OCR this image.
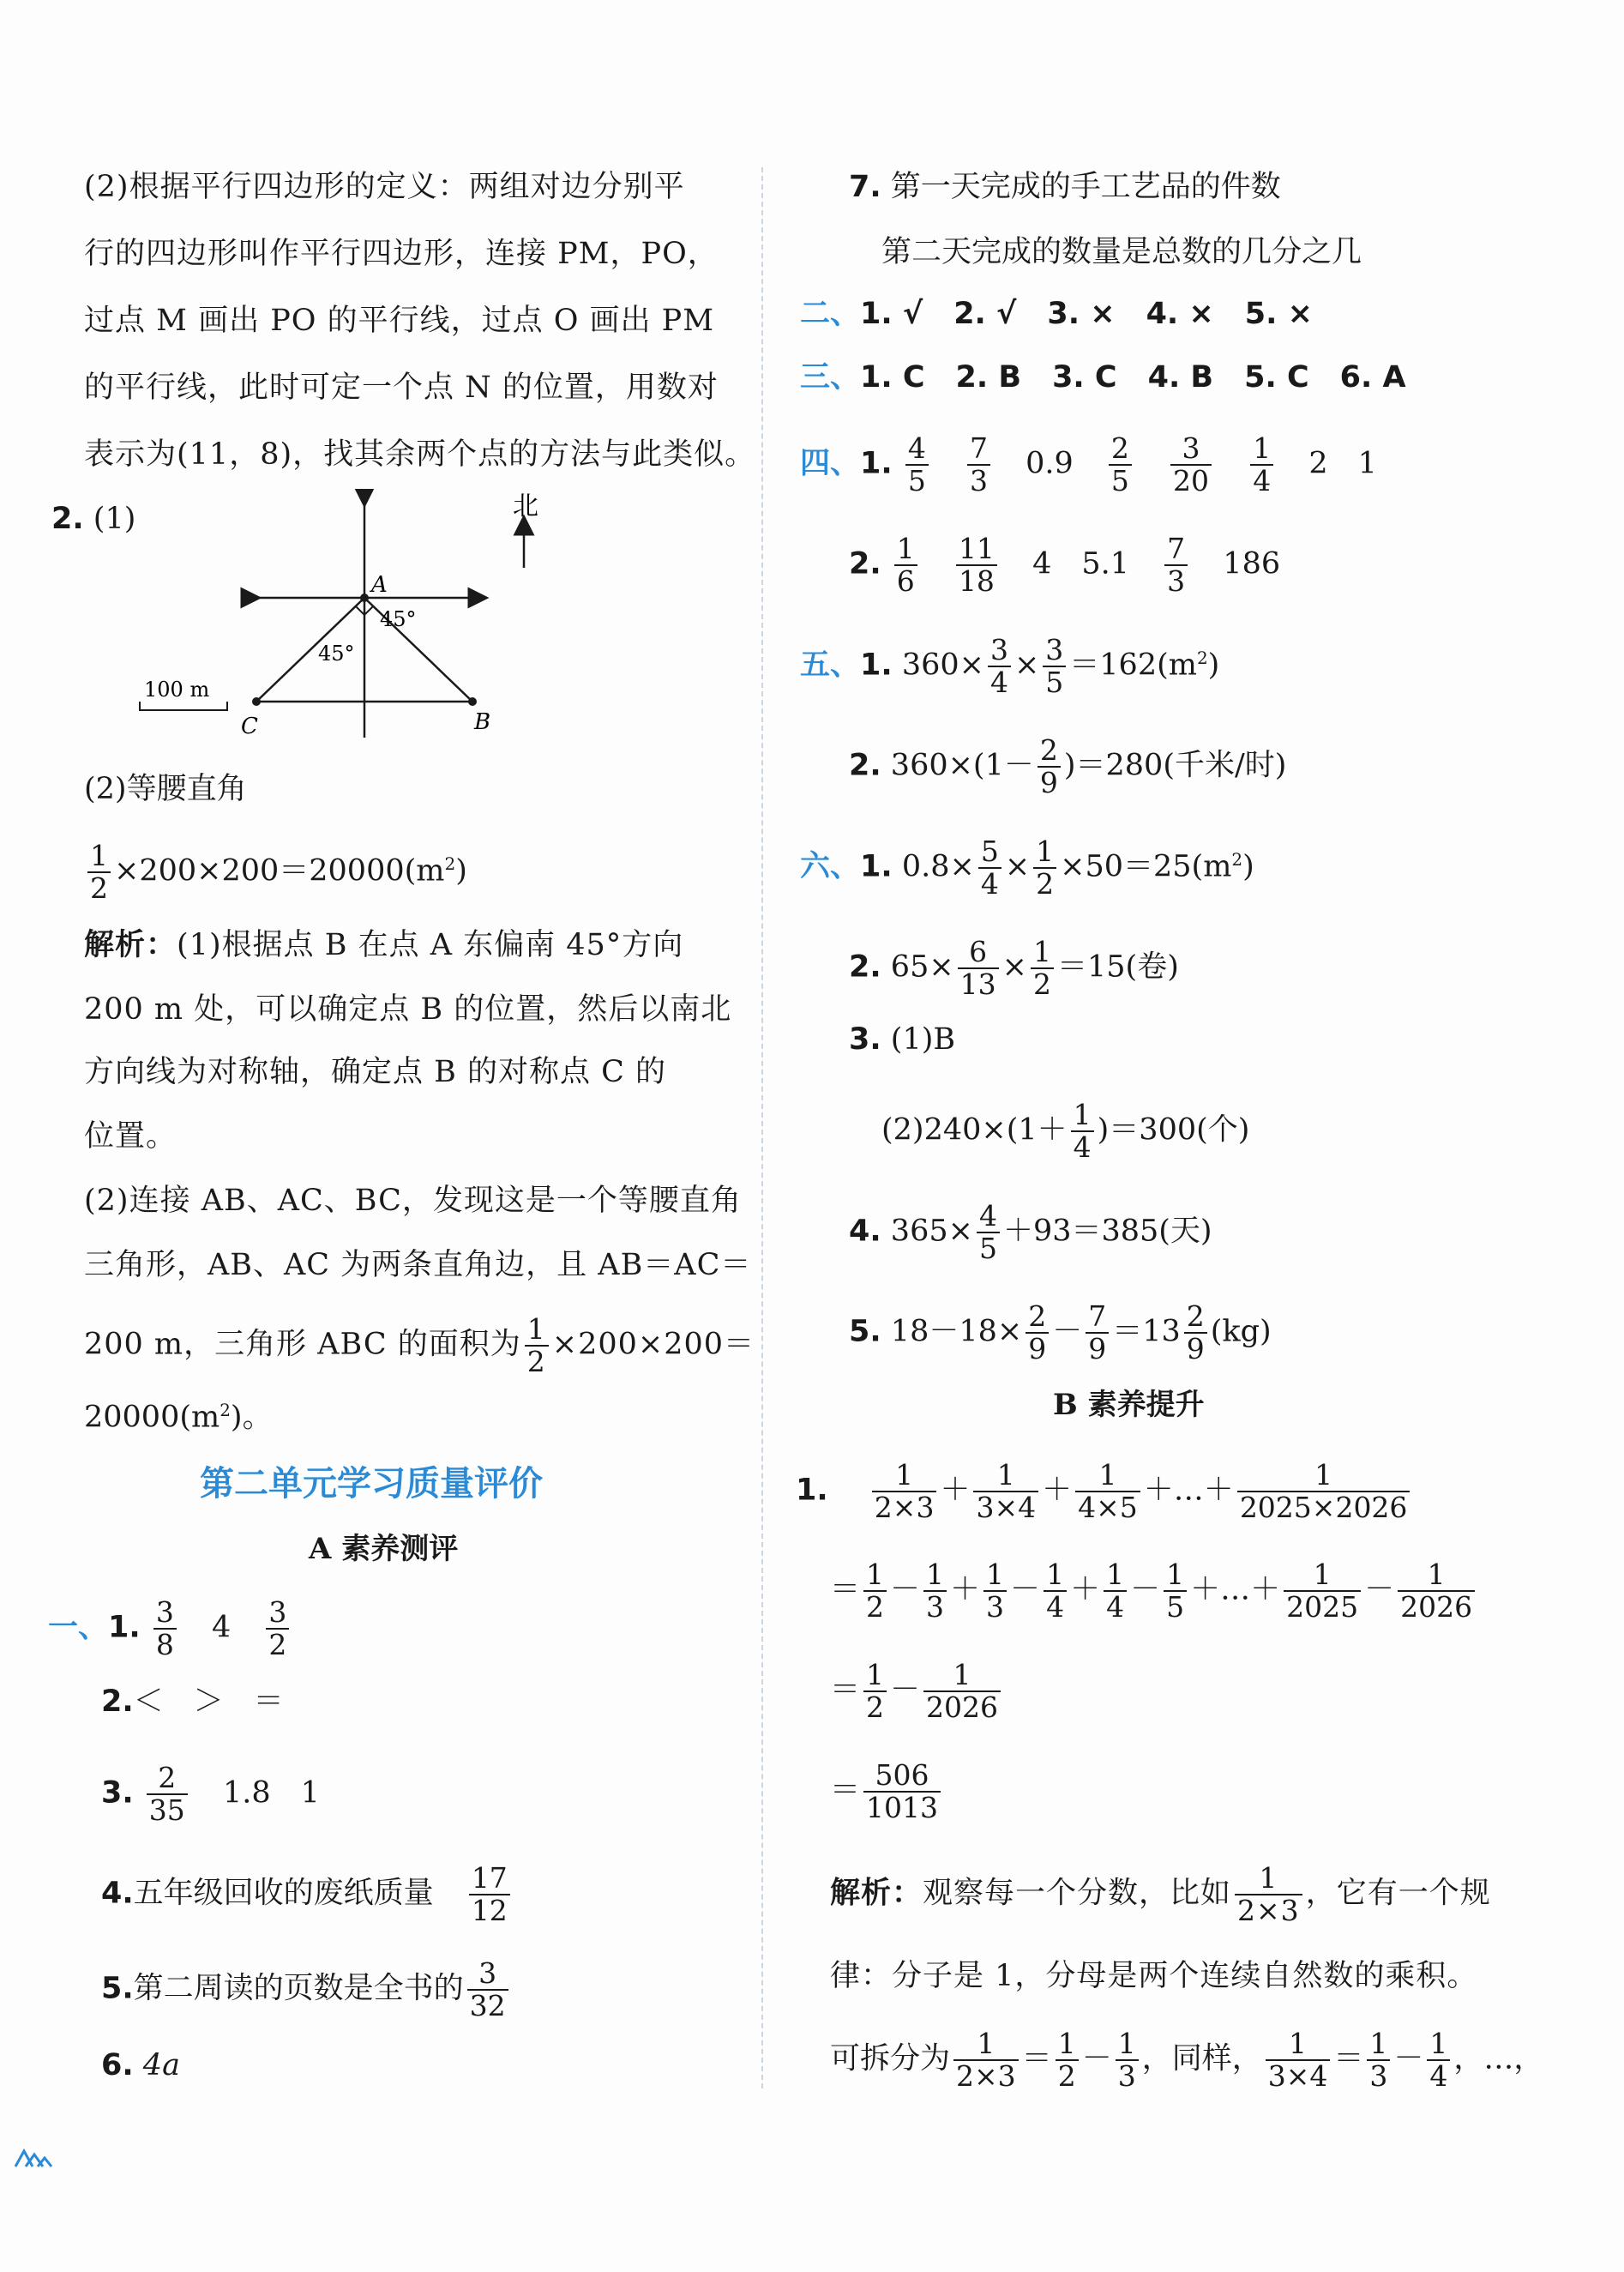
(2)根据平行四边形的定义：两组对边分别平
行的四边形叫作平行四边形，连接 PM，PO，
过点 M 画出 PO 的平行线，过点 O 画出 PM
的平行线，此时可定一个点 N 的位置，用数对
表示为(11，8)，找其余两个点的方法与此类似。
2. (1)	北
A
B
C
45°
45°
100 m
(2)等腰直角
$\frac{1}{2} \times 200\times 200=20000(m^2)$
解析：(1)根据点 B 在点 A 东偏南 45°方向
200 m 处，可以确定点 B 的位置，然后以南北
方向线为对称轴，确定点 B 的对称点 C 的
位置。
(2)连接 AB、AC、BC，发现这是一个等腰直角
三角形，AB、AC 为两条直角边，且 AB＝AC＝
200 m，三角形 ABC 的面积为 $\frac{1}{2} \times 200\times 200=$
$20000(m^2)$。
第二单元学习质量评价
A 素养测评
一、1. $\frac{3}{8} 4 \frac{3}{2}$
2.＜　＞　＝
3. $\frac{2}{35} 1.8$　1
4.五年级回收的废纸质量 $\frac{17}{12}$
5.第二周读的页数是全书的 $\frac{3}{32}$
6. 4a
7. 第一天完成的手工艺品的件数
第二天完成的数量是总数的几分之几
二、1. √ 2. √ 3. × 4. × 5. ×
三、1. C 2. B 3. C 4. B 5. C 6. A
四、1. $\frac{4}{5}$
$\frac{7}{3} 0.9 \frac{2}{5}$
$\frac{3}{20}$
$\frac{1}{4} 2$　1
2. $\frac{1}{6}$
$\frac{11}{18} 4$　$5.1 \frac{7}{3} 186$
五、1. $360\times \frac{3}{4} \times \frac{3}{5} =162(m^2)$
2. $360\times(1- \frac{2}{9} )=280$(千米/时)
六、1. $0.8\times \frac{5}{4} \times \frac{1}{2} \times 50=25(m^2)$
2. $65\times \frac{6}{13} \times \frac{1}{2} =15$(卷)
3. (1)B
$(2)240\times(1+ \frac{1}{4} )=300$(个)
4. $365\times \frac{4}{5} +93=385$(天)
5. $18-18\times \frac{2}{9} - \frac{7}{9} =13 \frac{2}{9} (kg)$
B 素养提升
1. $\frac{1}{2\times 3} + \frac{1}{3\times 4} + \frac{1}{4\times 5}$ ＋…＋ $\frac{1}{2025\times 2026}$
＝ $\frac{1}{2} - \frac{1}{3} + \frac{1}{3} - \frac{1}{4} + \frac{1}{4} - \frac{1}{5}$ ＋…＋ $\frac{1}{2025} - \frac{1}{2026}$
＝ $\frac{1}{2} - \frac{1}{2026}$
＝ $\frac{506}{1013}$
解析：观察每一个分数，比如 $\frac{1}{2\times 3}$ ，它有一个规
律：分子是 1，分母是两个连续自然数的乘积。
可拆分为 $\frac{1}{2\times 3} = \frac{1}{2} - \frac{1}{3}$ ，同样， $\frac{1}{3\times 4} = \frac{1}{3} - \frac{1}{4}$ ，…，
